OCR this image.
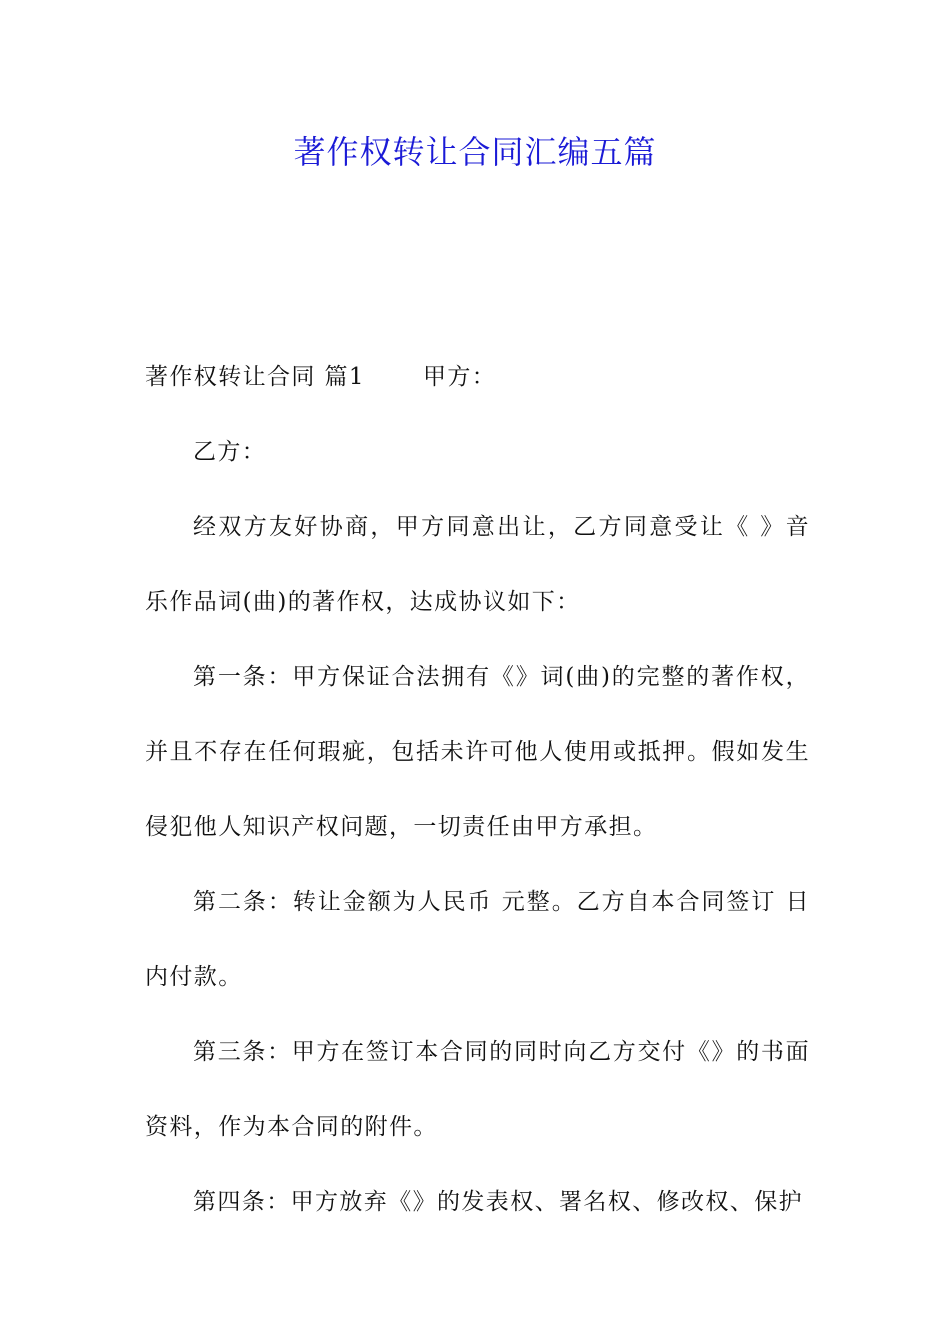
著作权转让合同汇编五篇

著作权转让合同 篇1	甲方：

乙方：

经双方友好协商，甲方同意出让，乙方同意受让《 》音乐作品词(曲)的著作权，达成协议如下：

第一条：甲方保证合法拥有《》词(曲)的完整的著作权，并且不存在任何瑕疵，包括未许可他人使用或抵押。假如发生侵犯他人知识产权问题，一切责任由甲方承担。

第二条：转让金额为人民币 元整。乙方自本合同签订 日内付款。

第三条：甲方在签订本合同的同时向乙方交付《》的书面资料，作为本合同的附件。

第四条：甲方放弃《》的发表权、署名权、修改权、保护
